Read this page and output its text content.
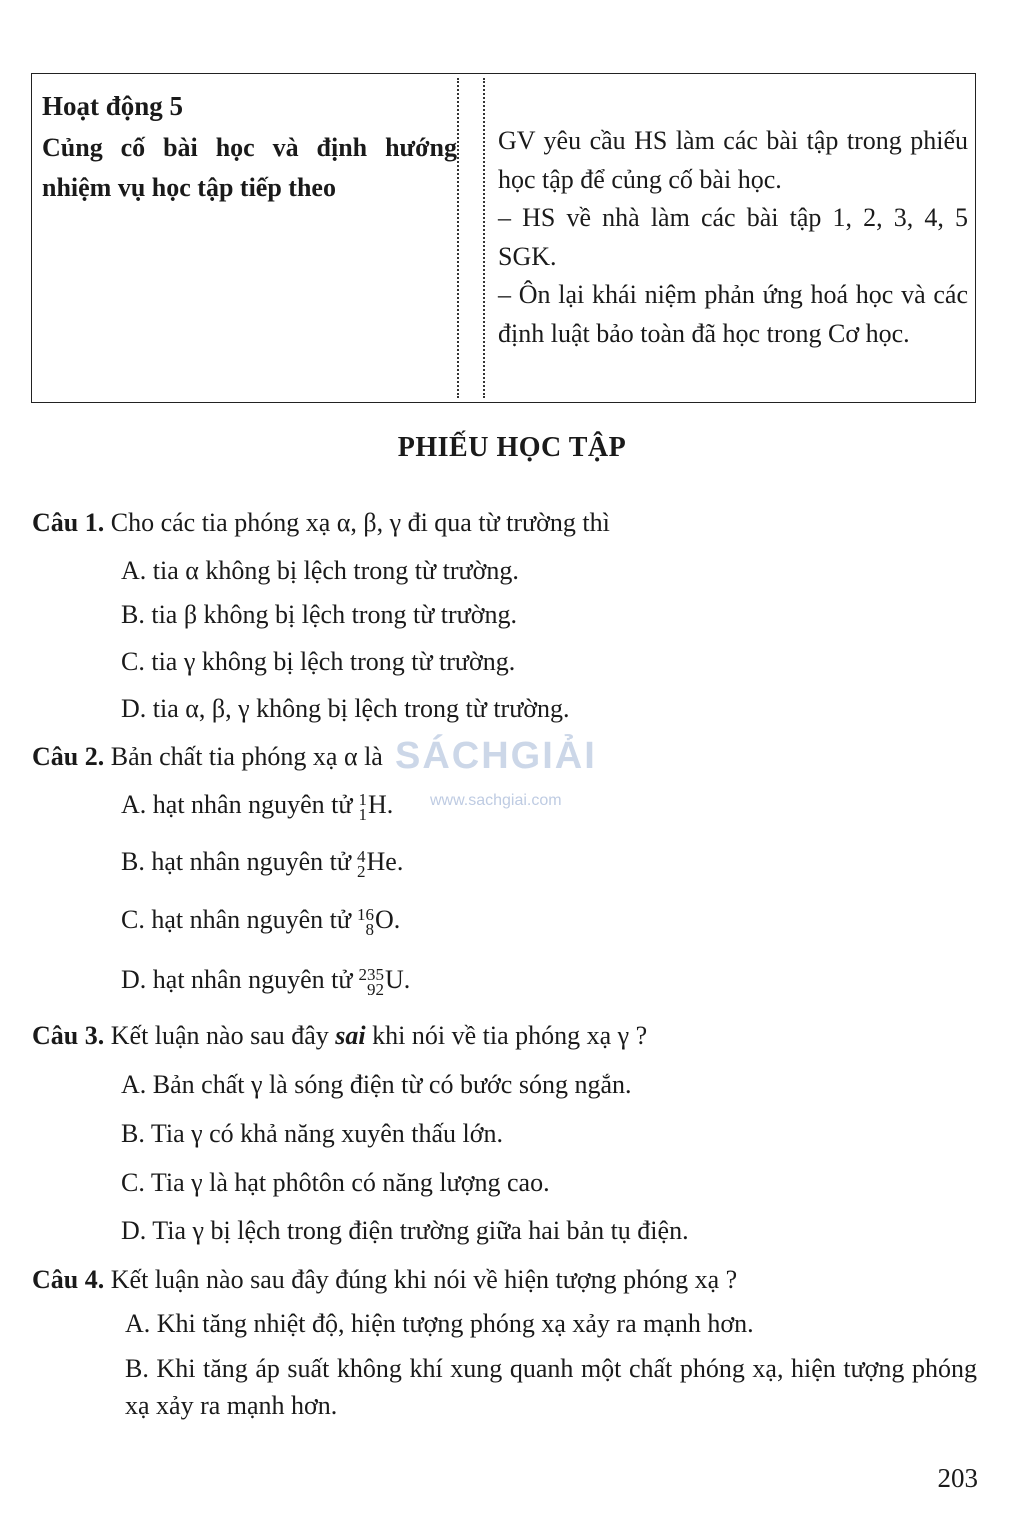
Hoạt động 5
Củng cố bài học và định hướng nhiệm vụ học tập tiếp theo

GV yêu cầu HS làm các bài tập trong phiếu học tập để củng cố bài học.

– HS về nhà làm các bài tập 1, 2, 3, 4, 5 SGK.

– Ôn lại khái niệm phản ứng hoá học và các định luật bảo toàn đã học trong Cơ học.

PHIẾU HỌC TẬP
Câu 1. Cho các tia phóng xạ α, β, γ đi qua từ trường thì
A. tia α không bị lệch trong từ trường.
B. tia β không bị lệch trong từ trường.
C. tia γ không bị lệch trong từ trường.
D. tia α, β, γ không bị lệch trong từ trường.
Câu 2. Bản chất tia phóng xạ α là
A. hạt nhân nguyên tử 1
1 H.
B. hạt nhân nguyên tử 4
2 He.
C. hạt nhân nguyên tử 16
8 O.
D. hạt nhân nguyên tử 235
92 U.
Câu 3. Kết luận nào sau đây sai khi nói về tia phóng xạ γ ?
A. Bản chất γ là sóng điện từ có bước sóng ngắn.
B. Tia γ có khả năng xuyên thấu lớn.
C. Tia γ là hạt phôtôn có năng lượng cao.
D. Tia γ bị lệch trong điện trường giữa hai bản tụ điện.
Câu 4. Kết luận nào sau đây đúng khi nói về hiện tượng phóng xạ ?
A. Khi tăng nhiệt độ, hiện tượng phóng xạ xảy ra mạnh hơn.
B. Khi tăng áp suất không khí xung quanh một chất phóng xạ, hiện tượng phóng xạ xảy ra mạnh hơn.
SÁCHGIẢI
www.sachgiai.com
203
